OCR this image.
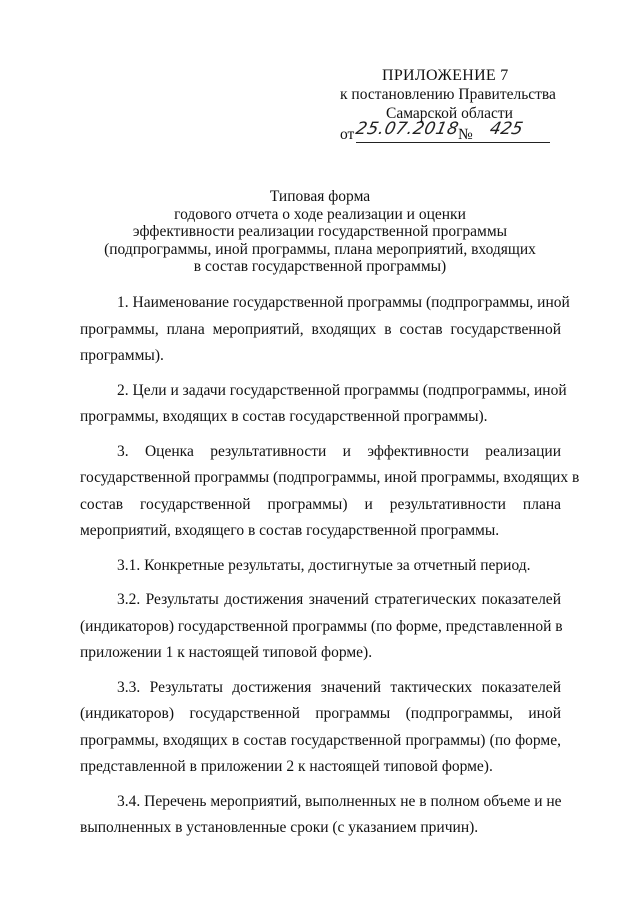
ПРИЛОЖЕНИЕ 7
к постановлению Правительства
Самарской области
от 25.07.2018
№ 425
Типовая форма
годового отчета о ходе реализации и оценки
эффективности реализации государственной программы
(подпрограммы, иной программы, плана мероприятий, входящих
в состав государственной программы)
1. Наименование государственной программы (подпрограммы, иной
программы, плана мероприятий, входящих в состав государственной
программы).
2. Цели и задачи государственной программы (подпрограммы, иной
программы, входящих в состав государственной программы).
3. Оценка результативности и эффективности реализации
государственной программы (подпрограммы, иной программы, входящих в
состав государственной программы) и результативности плана
мероприятий, входящего в состав государственной программы.
3.1. Конкретные результаты, достигнутые за отчетный период.
3.2. Результаты достижения значений стратегических показателей
(индикаторов) государственной программы (по форме, представленной в
приложении 1 к настоящей типовой форме).
3.3. Результаты достижения значений тактических показателей
(индикаторов) государственной программы (подпрограммы, иной
программы, входящих в состав государственной программы) (по форме,
представленной в приложении 2 к настоящей типовой форме).
3.4. Перечень мероприятий, выполненных не в полном объеме и не
выполненных в установленные сроки (с указанием причин).
